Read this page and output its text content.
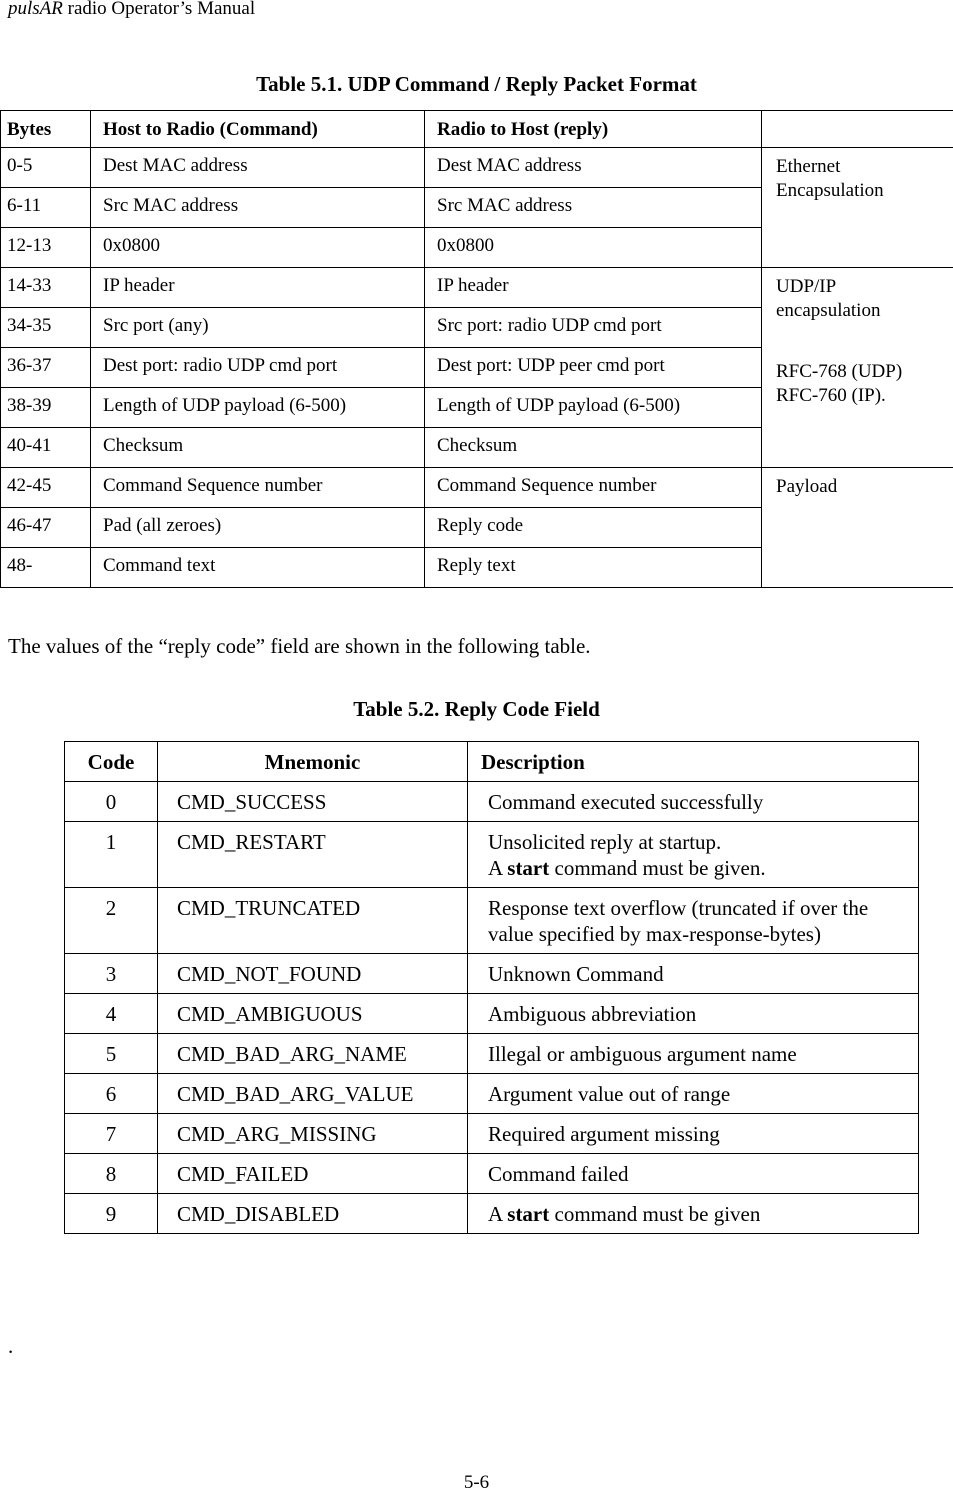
pulsAR radio Operator’s Manual
Table 5.1. UDP Command / Reply Packet Format
Bytes	Host to Radio (Command)	Radio to Host (reply)	
0-5	Dest MAC address	Dest MAC address	Ethernet
Encapsulation

6-11	Src MAC address	Src MAC address	
12-13	0x0800	0x0800	
14-33	IP header	IP header	UDP/IP
encapsulation
RFC-768 (UDP)
RFC-760 (IP).

34-35	Src port (any)	Src port: radio UDP cmd port	
36-37	Dest port: radio UDP cmd port	Dest port: UDP peer cmd port	
38-39	Length of UDP payload (6-500)	Length of UDP payload (6-500)	
40-41	Checksum	Checksum	
42-45	Command Sequence number	Command Sequence number	Payload
46-47	Pad (all zeroes)	Reply code	
48-	Command text	Reply text	
The values of the “reply code” field are shown in the following table.
Table 5.2. Reply Code Field
Code	Mnemonic	Description
0	CMD_SUCCESS	Command executed successfully
1	CMD_RESTART	Unsolicited reply at startup.
A start command must be given.

2	CMD_TRUNCATED	Response text overflow (truncated if over the
value specified by max-response-bytes)

3	CMD_NOT_FOUND	Unknown Command
4	CMD_AMBIGUOUS	Ambiguous abbreviation
5	CMD_BAD_ARG_NAME	Illegal or ambiguous argument name
6	CMD_BAD_ARG_VALUE	Argument value out of range
7	CMD_ARG_MISSING	Required argument missing
8	CMD_FAILED	Command failed
9	CMD_DISABLED	A start command must be given
.
5-6
